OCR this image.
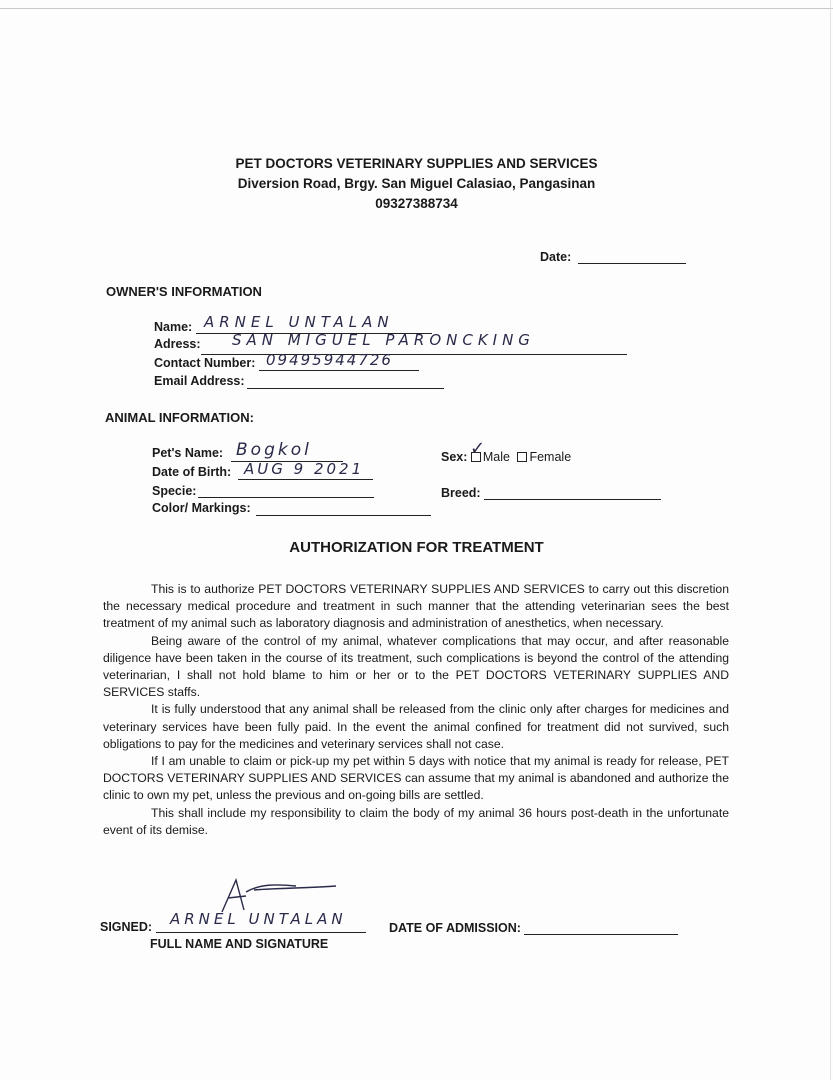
PET DOCTORS VETERINARY SUPPLIES AND SERVICES
Diversion Road, Brgy. San Miguel Calasiao, Pangasinan
09327388734
Date:
OWNER'S INFORMATION
Name: ARNEL UNTALAN
Adress: SAN MIGUEL PARONCKING
Contact Number: 09495944726
Email Address:
ANIMAL INFORMATION:
Pet's Name: Bogkol
Date of Birth: AUG 9 2021
Specie:
Color/ Markings:
Sex: Male Female
✓
Breed:
AUTHORIZATION FOR TREATMENT

This is to authorize PET DOCTORS VETERINARY SUPPLIES AND SERVICES to carry out this discretion the necessary medical procedure and treatment in such manner that the attending veterinarian sees the best treatment of my animal such as laboratory diagnosis and administration of anesthetics, when necessary.

Being aware of the control of my animal, whatever complications that may occur, and after reasonable diligence have been taken in the course of its treatment, such complications is beyond the control of the attending veterinarian, I shall not hold blame to him or her or to the PET DOCTORS VETERINARY SUPPLIES AND SERVICES staffs.

It is fully understood that any animal shall be released from the clinic only after charges for medicines and veterinary services have been fully paid. In the event the animal confined for treatment did not survived, such obligations to pay for the medicines and veterinary services shall not case.

If I am unable to claim or pick-up my pet within 5 days with notice that my animal is ready for release, PET DOCTORS VETERINARY SUPPLIES AND SERVICES can assume that my animal is abandoned and authorize the clinic to own my pet, unless the previous and on-going bills are settled.

This shall include my responsibility to claim the body of my animal 36 hours post-death in the unfortunate event of its demise.

SIGNED: ARNEL UNTALAN
FULL NAME AND SIGNATURE
DATE OF ADMISSION:
